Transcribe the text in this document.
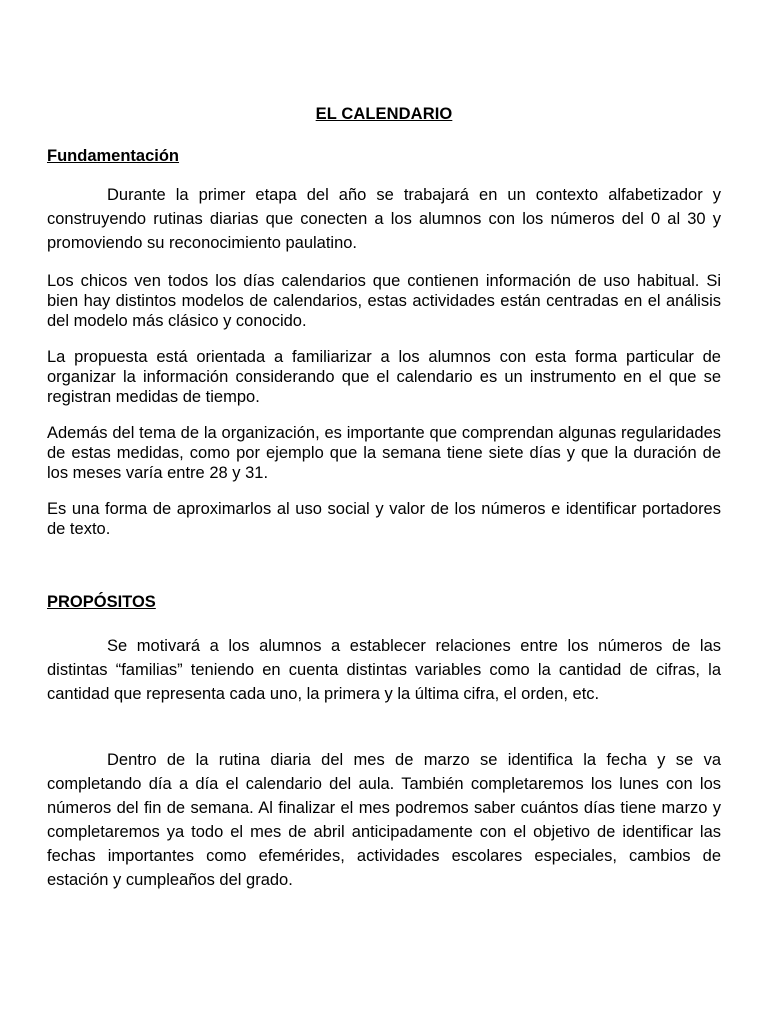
EL CALENDARIO
Fundamentación

Durante la primer etapa del año se trabajará en un contexto alfabetizador y construyendo rutinas diarias que conecten a los alumnos con los números del 0 al 30 y promoviendo su reconocimiento paulatino.

Los chicos ven todos los días calendarios que contienen información de uso habitual. Si bien hay distintos modelos de calendarios, estas actividades están centradas en el análisis del modelo más clásico y conocido.

La propuesta está orientada a familiarizar a los alumnos con esta forma particular de organizar la información considerando que el calendario es un instrumento en el que se registran medidas de tiempo.

Además del tema de la organización, es importante que comprendan algunas regularidades de estas medidas, como por ejemplo que la semana tiene siete días y que la duración de los meses varía entre 28 y 31.

Es una forma de aproximarlos al uso social y valor de los números e identificar portadores de texto.

PROPÓSITOS

Se motivará a los alumnos a establecer relaciones entre los números de las distintas “familias” teniendo en cuenta distintas variables como la cantidad de cifras, la cantidad que representa cada uno, la primera y la última cifra, el orden, etc.

Dentro de la rutina diaria del mes de marzo se identifica la fecha y se va completando día a día el calendario del aula. También completaremos los lunes con los números del fin de semana. Al finalizar el mes podremos saber cuántos días tiene marzo y completaremos ya todo el mes de abril anticipadamente con el objetivo de identificar las fechas importantes como efemérides, actividades escolares especiales, cambios de estación y cumpleaños del grado.
